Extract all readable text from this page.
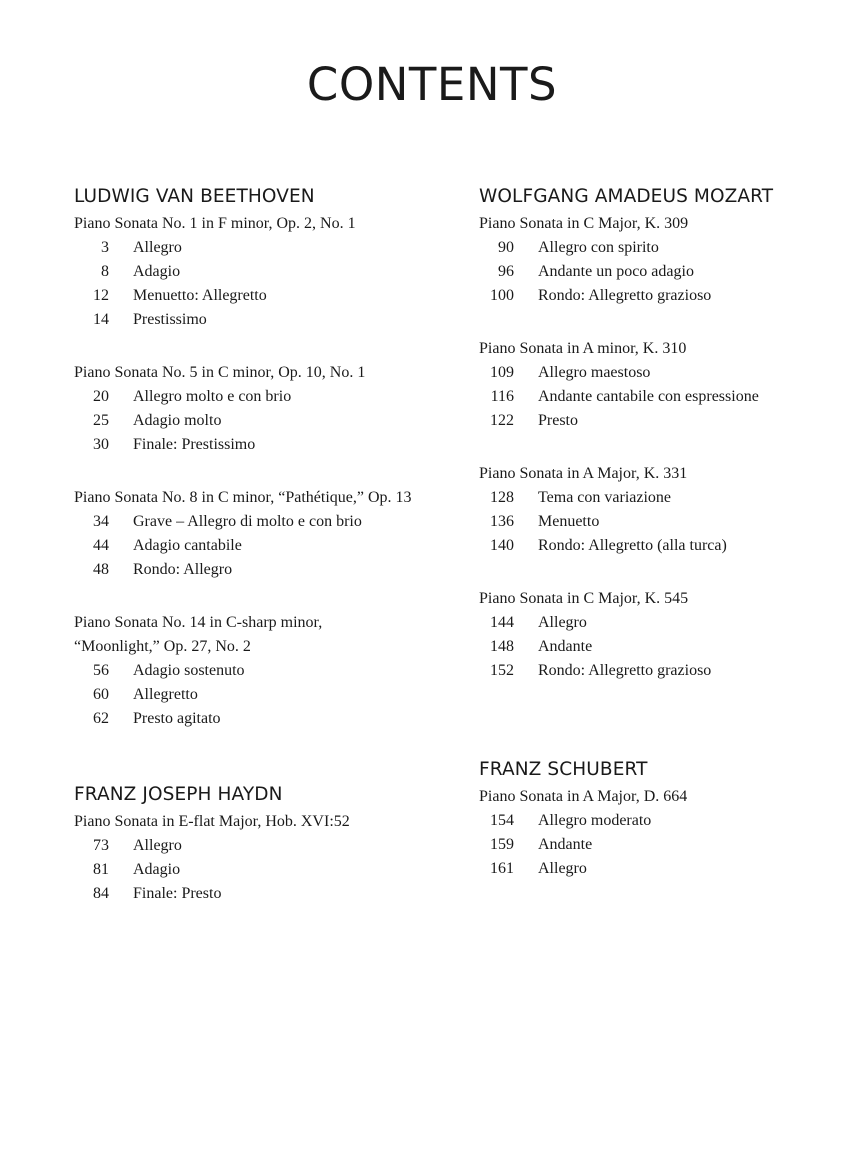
CONTENTS
LUDWIG VAN BEETHOVEN
Piano Sonata No. 1 in F minor, Op. 2, No. 1
3 Allegro
8 Adagio
12 Menuetto: Allegretto
14 Prestissimo
Piano Sonata No. 5 in C minor, Op. 10, No. 1
20 Allegro molto e con brio
25 Adagio molto
30 Finale: Prestissimo
Piano Sonata No. 8 in C minor, “Pathétique,” Op. 13
34 Grave – Allegro di molto e con brio
44 Adagio cantabile
48 Rondo: Allegro
Piano Sonata No. 14 in C-sharp minor,
“Moonlight,” Op. 27, No. 2
56 Adagio sostenuto
60 Allegretto
62 Presto agitato
FRANZ JOSEPH HAYDN
Piano Sonata in E-flat Major, Hob. XVI:52
73 Allegro
81 Adagio
84 Finale: Presto
WOLFGANG AMADEUS MOZART
Piano Sonata in C Major, K. 309
90 Allegro con spirito
96 Andante un poco adagio
100 Rondo: Allegretto grazioso
Piano Sonata in A minor, K. 310
109 Allegro maestoso
116 Andante cantabile con espressione
122 Presto
Piano Sonata in A Major, K. 331
128 Tema con variazione
136 Menuetto
140 Rondo: Allegretto (alla turca)
Piano Sonata in C Major, K. 545
144 Allegro
148 Andante
152 Rondo: Allegretto grazioso
FRANZ SCHUBERT
Piano Sonata in A Major, D. 664
154 Allegro moderato
159 Andante
161 Allegro
